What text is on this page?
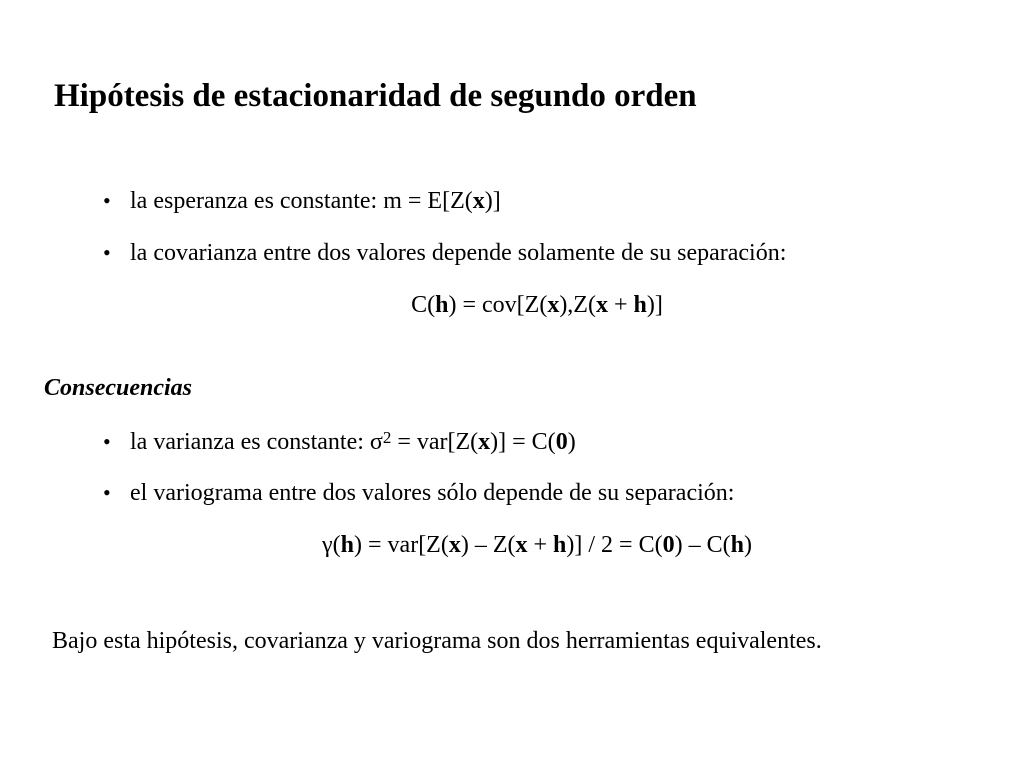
Hipótesis de estacionaridad de segundo orden
• la esperanza es constante: m = E[Z(x)]
• la covarianza entre dos valores depende solamente de su separación:
C(h) = cov[Z(x),Z(x + h)]
Consecuencias
• la varianza es constante: $\sigma^2 = var[Z(x)] = C(0)$
• el variograma entre dos valores sólo depende de su separación:
γ(h) = var[Z(x) – Z(x + h)] / 2 = C(0) – C(h)
Bajo esta hipótesis, covarianza y variograma son dos herramientas equivalentes.
